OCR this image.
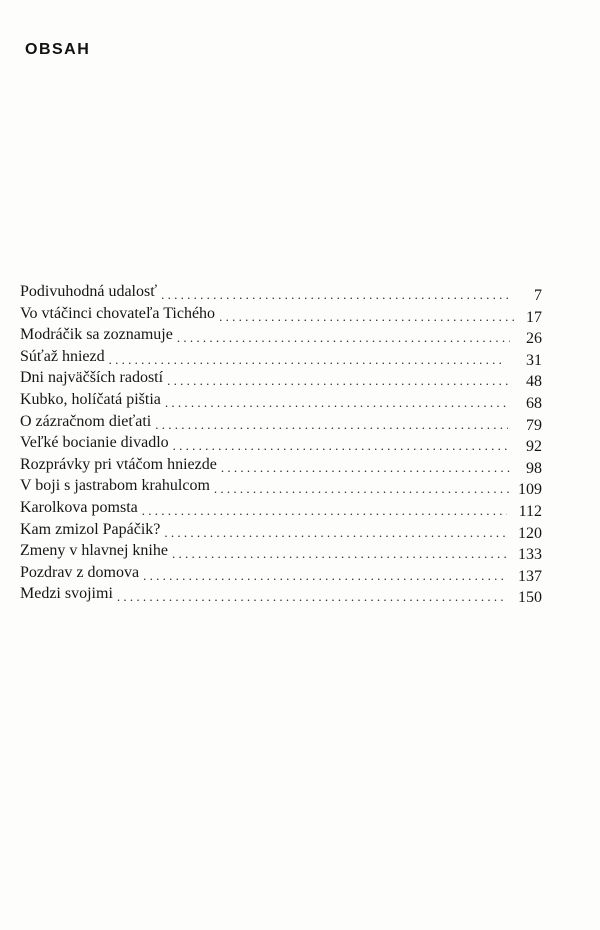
OBSAH
Podivuhodná udalosť . . .	7
Vo vtáčinci chovateľa Tichého . . .	17
Modráčik sa zoznamuje . . .	26
Súťaž hniezd . . .	31
Dni najväčších radostí . . .	48
Kubko, holíčatá pištia . . .	68
O zázračnom dieťati . . .	79
Veľké bocianie divadlo . . .	92
Rozprávky pri vtáčom hniezde . . .	98
V boji s jastrabom krahulcom . . .	109
Karolkova pomsta . . .	112
Kam zmizol Papáčik? . . .	120
Zmeny v hlavnej knihe . . .	133
Pozdrav z domova . . .	137
Medzi svojimi . . .	150
